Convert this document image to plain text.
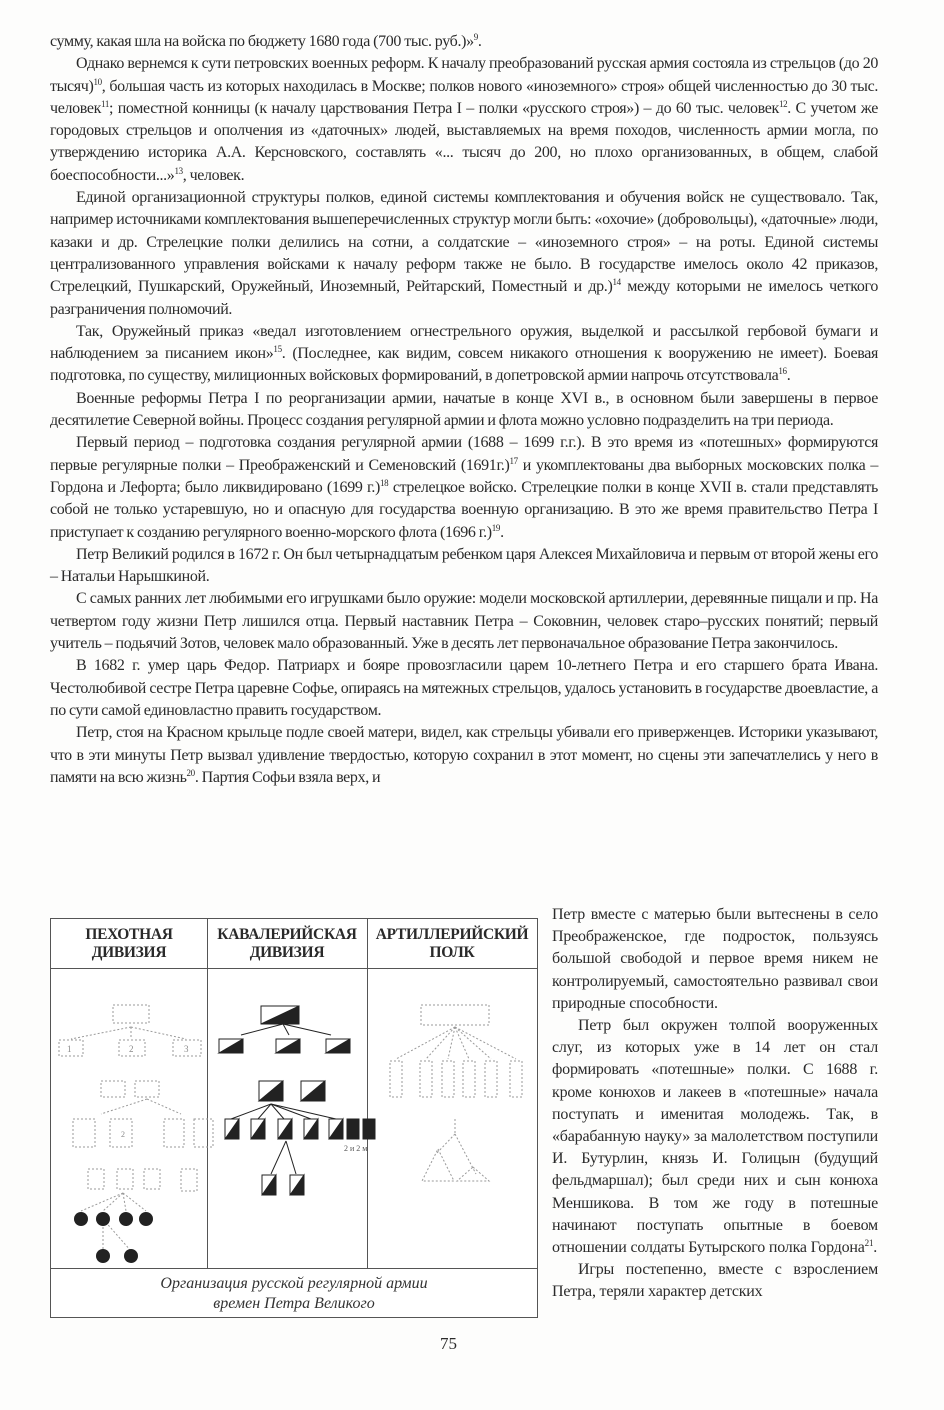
сумму, какая шла на войска по бюджету 1680 года (700 тыс. руб.)»$^9$.

Однако вернемся к сути петровских военных реформ. К началу преобразований русская армия состояла из стрельцов (до 20 тысяч)$^{10}$, большая часть из которых находилась в Москве; полков нового «иноземного» строя» общей численностью до 30 тыс. человек$^{11}$; поместной конницы (к началу царствования Петра I – полки «русского строя») – до 60 тыс. человек$^{12}$. С учетом же городовых стрельцов и ополчения из «даточных» людей, выставляемых на время походов, численность армии могла, по утверждению историка А.А. Керсновского, составлять «... тысяч до 200, но плохо организованных, в общем, слабой боеспособности...»$^{13}$, человек.

Единой организационной структуры полков, единой системы комплектования и обучения войск не существовало. Так, например источниками комплектования вышеперечисленных структур могли быть: «охочие» (добровольцы), «даточные» люди, казаки и др. Стрелецкие полки делились на сотни, а солдатские – «иноземного строя» – на роты. Единой системы централизованного управления войсками к началу реформ также не было. В государстве имелось около 42 приказов, Стрелецкий, Пушкарский, Оружейный, Иноземный, Рейтарский, Поместный и др.)$^{14}$ между которыми не имелось четкого разграничения полномочий.

Так, Оружейный приказ «ведал изготовлением огнестрельного оружия, выделкой и рассылкой гербовой бумаги и наблюдением за писанием икон»$^{15}$. (Последнее, как видим, совсем никакого отношения к вооружению не имеет). Боевая подготовка, по существу, милиционных войсковых формирований, в допетровской армии напрочь отсутствовала$^{16}$.

Военные реформы Петра I по реорганизации армии, начатые в конце XVI в., в основном были завершены в первое десятилетие Северной войны. Процесс создания регулярной армии и флота можно условно подразделить на три периода.

Первый период – подготовка создания регулярной армии (1688 – 1699 г.г.). В это время из «потешных» формируются первые регулярные полки – Преображенский и Семеновский $(1691г.)^{17}$ и укомплектованы два выборных московских полка – Гордона и Лефорта; было ликвидировано (1699 г.)$^{18}$ стрелецкое войско. Стрелецкие полки в конце XVII в. стали представлять собой не только устаревшую, но и опасную для государства военную организацию. В это же время правительство Петра I приступает к созданию регулярного военно-морского флота (1696 г.)$^{19}$.

Петр Великий родился в 1672 г. Он был четырнадцатым ребенком царя Алексея Михайловича и первым от второй жены его – Натальи Нарышкиной.

С самых ранних лет любимыми его игрушками было оружие: модели московской артиллерии, деревянные пищали и пр. На четвертом году жизни Петр лишился отца. Первый наставник Петра – Соковнин, человек старо–русских понятий; первый учитель – подьячий Зотов, человек мало образованный. Уже в десять лет первоначальное образование Петра закончилось.

В 1682 г. умер царь Федор. Патриарх и бояре провозгласили царем 10-летнего Петра и его старшего брата Ивана. Честолюбивой сестре Петра царевне Софье, опираясь на мятежных стрельцов, удалось установить в государстве двоевластие, а по сути самой единовластно править государством.

Петр, стоя на Красном крыльце подле своей матери, видел, как стрельцы убивали его приверженцев. Историки указывают, что в эти минуты Петр вызвал удивление твердостью, которую сохранил в этот момент, но сцены эти запечатлелись у него в памяти на всю жизнь$^{20}$. Партия Софьи взяла верх, и

ПЕХОТНАЯ
ДИВИЗИЯ
КАВАЛЕРИЙСКАЯ
ДИВИЗИЯ
АРТИЛЛЕРИЙСКИЙ
ПОЛК
2
1	2	3
2 и 2 м
Организация русской регулярной армии
времен Петра Великого

Петр вместе с матерью были вытеснены в село Преображенское, где подросток, пользуясь большой свободой и первое время никем не контролируемый, самостоятельно развивал свои природные способности.

Петр был окружен толпой вооруженных слуг, из которых уже в 14 лет он стал формировать «потешные» полки. С 1688 г. кроме конюхов и лакеев в «потешные» начала поступать и именитая молодежь. Так, в «барабанную науку» за малолетством поступили И. Бутурлин, князь И. Голицын (будущий фельдмаршал); был среди них и сын конюха Меншикова. В том же году в потешные начинают поступать опытные в боевом отношении солдаты Бутырского полка Гордона$^{21}$.

Игры постепенно, вместе с взрослением Петра, теряли характер детских

75
